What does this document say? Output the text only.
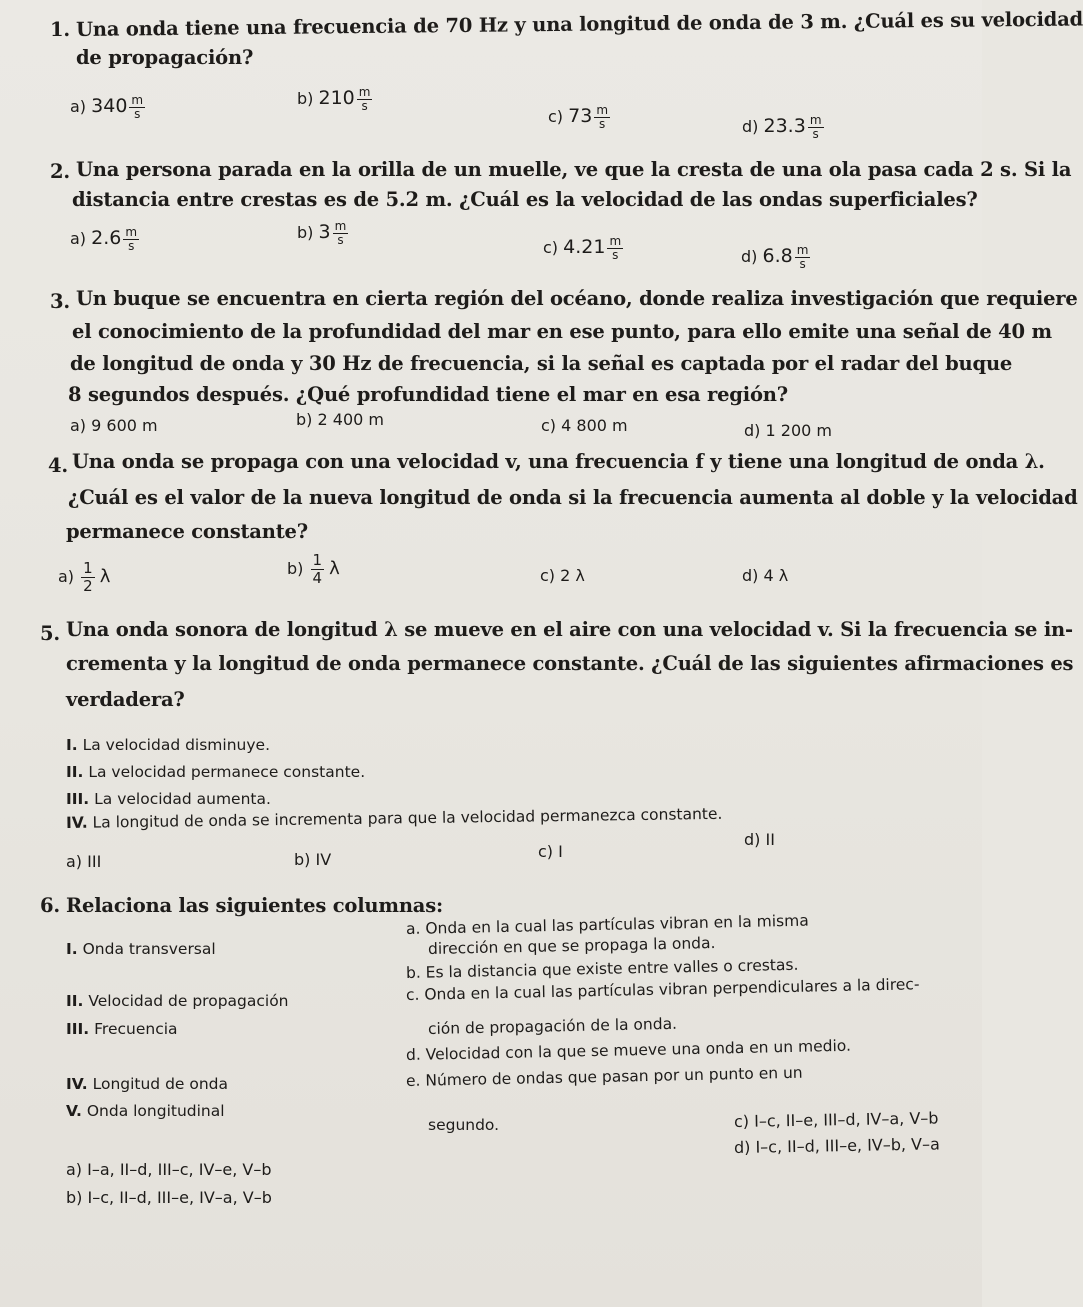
1. Una onda tiene una frecuencia de 70 Hz y una longitud de onda de 3 m. ¿Cuál es su velocidad
de propagación?
a) $340 \frac{m}{s}$	b) $210 \frac{m}{s}$
c) $73 \frac{m}{s}$	d) $23.3 \frac{m}{s}$
2. Una persona parada en la orilla de un muelle, ve que la cresta de una ola pasa cada 2 s. Si la
distancia entre crestas es de 5.2 m. ¿Cuál es la velocidad de las ondas superficiales?
a) $2.6 \frac{m}{s}$	b) $3 \frac{m}{s}$
c) $4.21 \frac{m}{s}$	d) $6.8 \frac{m}{s}$
3. Un buque se encuentra en cierta región del océano, donde realiza investigación que requiere
el conocimiento de la profundidad del mar en ese punto, para ello emite una señal de 40 m
de longitud de onda y 30 Hz de frecuencia, si la señal es captada por el radar del buque
8 segundos después. ¿Qué profundidad tiene el mar en esa región?
a) 9 600 m	b) 2 400 m	c) 4 800 m	d) 1 200 m
4. Una onda se propaga con una velocidad v, una frecuencia f y tiene una longitud de onda λ.
¿Cuál es el valor de la nueva longitud de onda si la frecuencia aumenta al doble y la velocidad
permanece constante?
$a) \frac{1}{2}$ λ	$b) \frac{1}{4}$ λ	c) 2 λ	d) 4 λ
5. Una onda sonora de longitud λ se mueve en el aire con una velocidad v. Si la frecuencia se in-
crementa y la longitud de onda permanece constante. ¿Cuál de las siguientes afirmaciones es
verdadera?
I. La velocidad disminuye.
II. La velocidad permanece constante.
III. La velocidad aumenta.
IV. La longitud de onda se incrementa para que la velocidad permanezca constante.
a) III	b) IV	c) I
d) II
6. Relaciona las siguientes columnas:
I. Onda transversal
II. Velocidad de propagación
III. Frecuencia
IV. Longitud de onda
V. Onda longitudinal
a. Onda en la cual las partículas vibran en la misma
dirección en que se propaga la onda.
b. Es la distancia que existe entre valles o crestas.
c. Onda en la cual las partículas vibran perpendiculares a la direc-
ción de propagación de la onda.
d. Velocidad con la que se mueve una onda en un medio.
e. Número de ondas que pasan por un punto en un
segundo.
a) I–a, II–d, III–c, IV–e, V–b
b) I–c, II–d, III–e, IV–a, V–b
c) I–c, II–e, III–d, IV–a, V–b
d) I–c, II–d, III–e, IV–b, V–a
